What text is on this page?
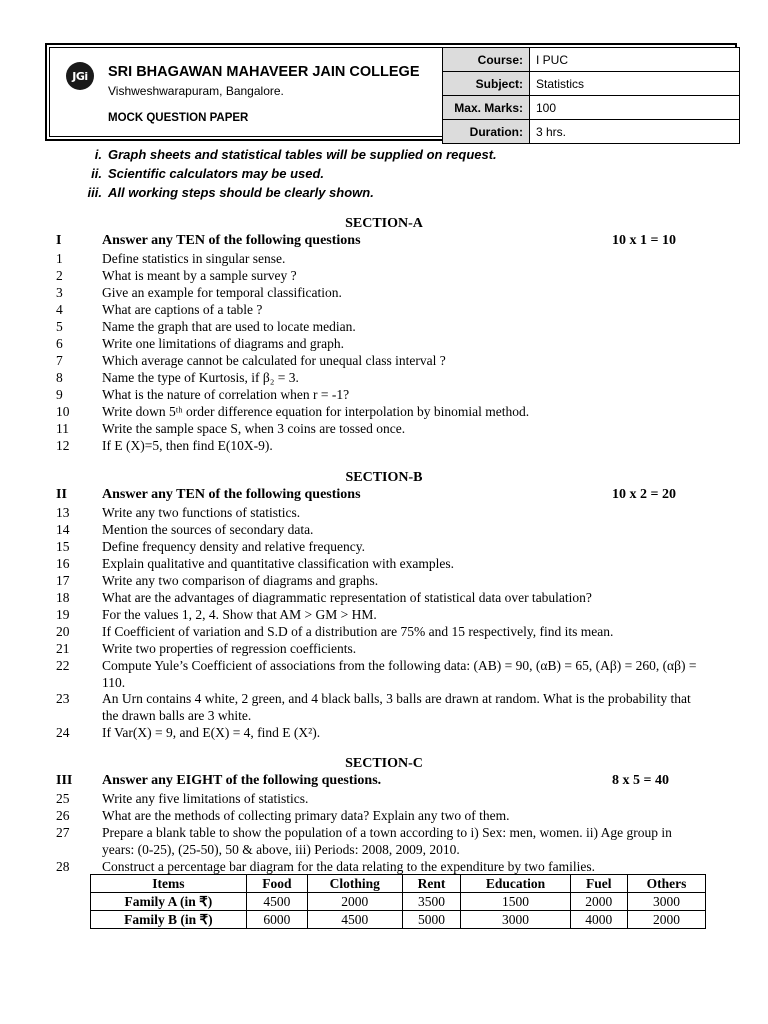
JGi	SRI BHAGAWAN MAHAVEER JAIN COLLEGE
Vishweshwarapuram, Bangalore.
MOCK QUESTION PAPER
Course:	I PUC
Subject:	Statistics
Max. Marks:	100
Duration:	3 hrs.
i. Graph sheets and statistical tables will be supplied on request.
ii. Scientific calculators may be used.
iii. All working steps should be clearly shown.
SECTION-A
I	Answer any TEN of the following questions	10 x 1 = 10
1	Define statistics in singular sense.
2	What is meant by a sample survey ?
3	Give an example for temporal classification.
4	What are captions of a table ?
5	Name the graph that are used to locate median.
6	Write one limitations of diagrams and graph.
7	Which average cannot be calculated for unequal class interval ?
8	Name the type of Kurtosis, if β₂ = 3.
9	What is the nature of correlation when r = -1?
10 Write down 5ᵗʰ order difference equation for interpolation by binomial method.
11 Write the sample space S, when 3 coins are tossed once.
12 If E (X)=5, then find E(10X-9).
SECTION-B
II	Answer any TEN of the following questions	10 x 2 = 20
13 Write any two functions of statistics.
14 Mention the sources of secondary data.
15 Define frequency density and relative frequency.
16 Explain qualitative and quantitative classification with examples.
17 Write any two comparison of diagrams and graphs.
18 What are the advantages of diagrammatic representation of statistical data over tabulation?
19 For the values 1, 2, 4. Show that AM > GM > HM.
20 If Coefficient of variation and S.D of a distribution are 75% and 15 respectively, find its mean.
21 Write two properties of regression coefficients.
22 Compute Yule’s Coefficient of associations from the following data: (AB) = 90, (αB) = 65, (Aβ) = 260, (αβ) = 110.
23 An Urn contains 4 white, 2 green, and 4 black balls, 3 balls are drawn at random. What is the probability that the drawn balls are 3 white.
24 If Var(X) = 9, and E(X) = 4, find E (X²).
SECTION-C
III Answer any EIGHT of the following questions.	8 x 5 = 40
25 Write any five limitations of statistics.
26 What are the methods of collecting primary data? Explain any two of them.
27 Prepare a blank table to show the population of a town according to i) Sex: men, women. ii) Age group in years: (0-25), (25-50), 50 & above, iii) Periods: 2008, 2009, 2010.
28 Construct a percentage bar diagram for the data relating to the expenditure by two families.
Items	Food	Clothing	Rent	Education	Fuel	Others
Family A (in ₹)	4500	2000	3500	1500	2000	3000
Family B (in ₹)	6000	4500	5000	3000	4000	2000
